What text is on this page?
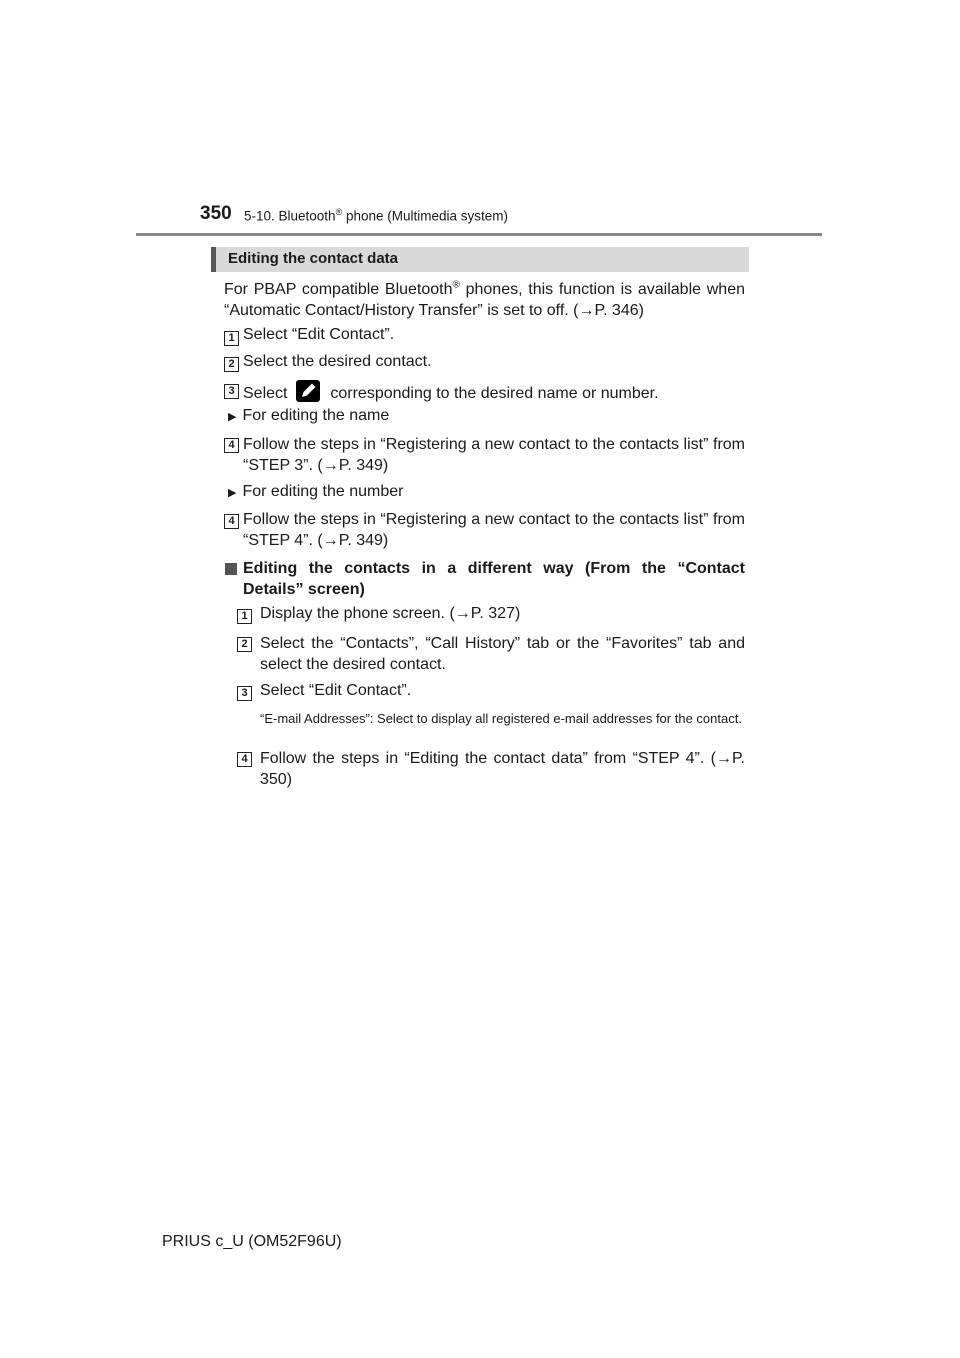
350 5-10. Bluetooth® phone (Multimedia system)
Editing the contact data
For PBAP compatible Bluetooth® phones, this function is available when “Automatic Contact/History Transfer” is set to off. (→P. 346)
1 Select “Edit Contact”.
2 Select the desired contact.
3 Select
corresponding to the desired name or number.
▶ For editing the name
4 Follow the steps in “Registering a new contact to the contacts list” from “STEP 3”. (→P. 349)
▶ For editing the number
4 Follow the steps in “Registering a new contact to the contacts list” from “STEP 4”. (→P. 349)
Editing the contacts in a different way (From the “Contact Details” screen)
1 Display the phone screen. (→P. 327)
2 Select the “Contacts”, “Call History” tab or the “Favorites” tab and select the desired contact.
3 Select “Edit Contact”.
“E-mail Addresses”: Select to display all registered e-mail addresses for the contact.
4 Follow the steps in “Editing the contact data” from “STEP 4”. (→P. 350)
PRIUS c_U (OM52F96U)
